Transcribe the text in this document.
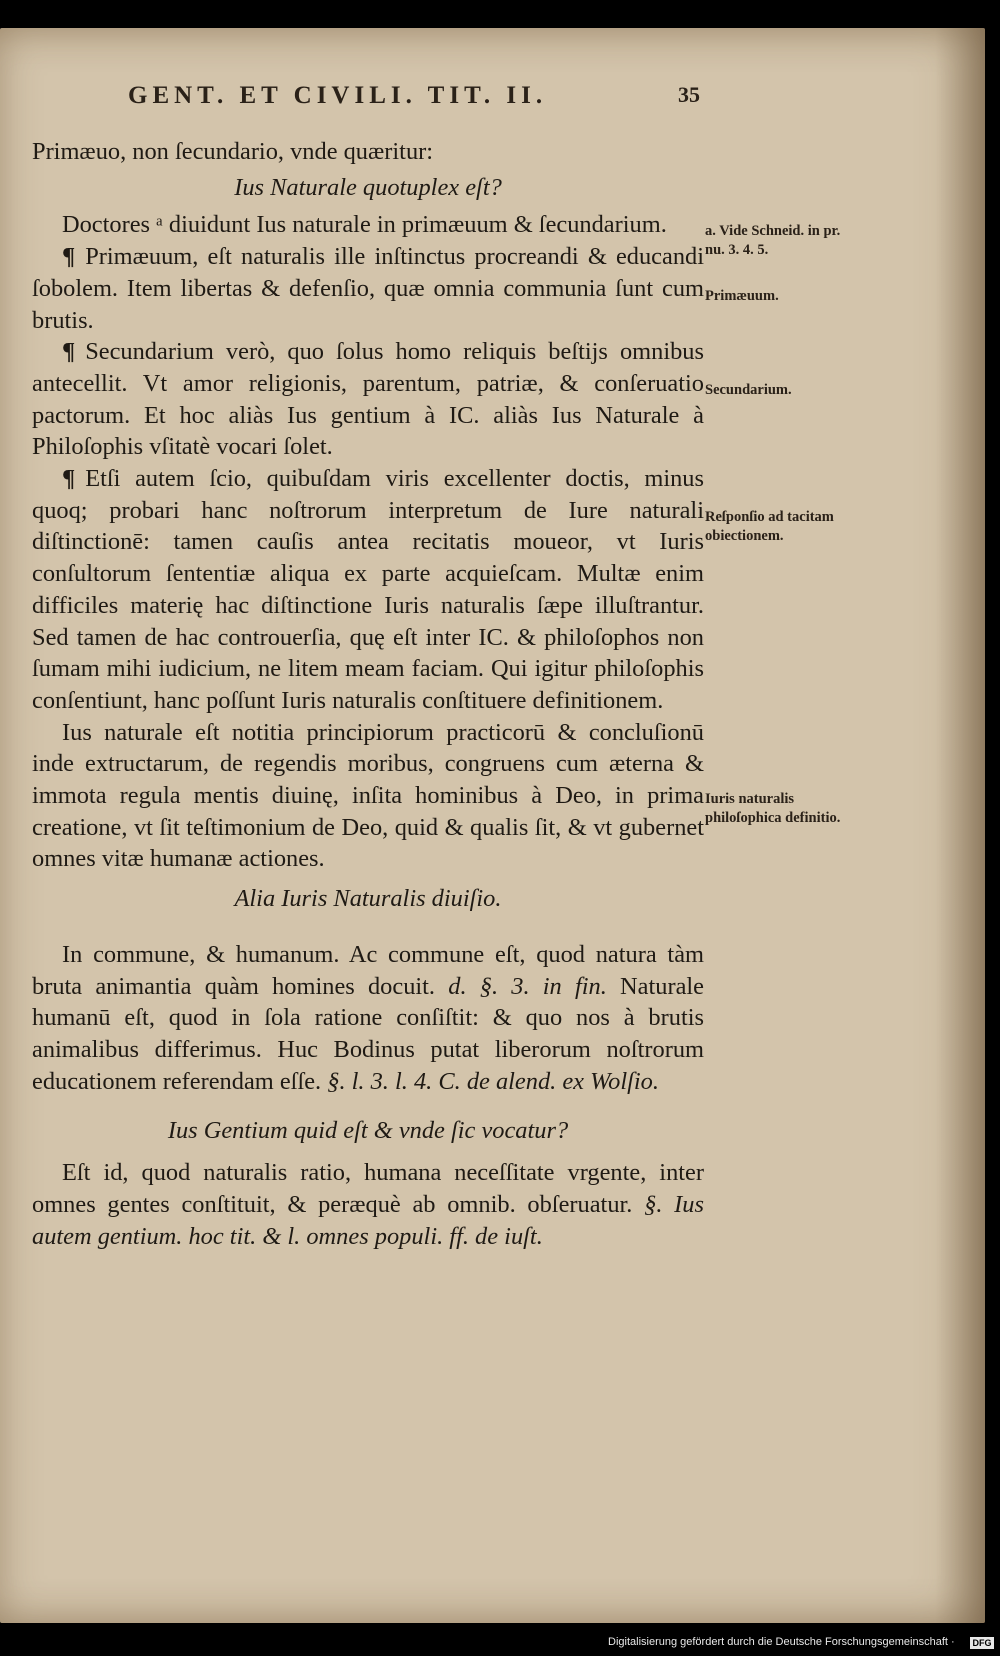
GENT. ET CIVILI. TIT. II.	35

Primæuo, non ſecundario, vnde quæritur:

Ius Naturale quotuplex eſt?

Doctores ᵃ diuidunt Ius naturale in primæuum & ſecundarium.

¶ Primæuum, eſt naturalis ille inſtinctus procreandi & educandi ſobolem. Item libertas & defenſio, quæ omnia communia ſunt cum brutis.

¶ Secundarium verò, quo ſolus homo reliquis beſtijs omnibus antecellit. Vt amor religionis, parentum, patriæ, & conſeruatio pactorum. Et hoc aliàs Ius gentium à IC. aliàs Ius Naturale à Philoſophis vſitatè vocari ſolet.

¶ Etſi autem ſcio, quibuſdam viris excellenter doctis, minus quoq; probari hanc noſtrorum interpretum de Iure naturali diſtinctionē: tamen cauſis antea recitatis moueor, vt Iuris conſultorum ſententiæ aliqua ex parte acquieſcam. Multæ enim difficiles materię hac diſtinctione Iuris naturalis ſæpe illuſtrantur. Sed tamen de hac controuerſia, quę eſt inter IC. & philoſophos non ſumam mihi iudicium, ne litem meam faciam. Qui igitur philoſophis conſentiunt, hanc poſſunt Iuris naturalis conſtituere definitionem.

Ius naturale eſt notitia principiorum practicorū & concluſionū inde extructarum, de regendis moribus, congruens cum æterna & immota regula mentis diuinę, inſita hominibus à Deo, in prima creatione, vt ſit teſtimonium de Deo, quid & qualis ſit, & vt gubernet omnes vitæ humanæ actiones.

Alia Iuris Naturalis diuiſio.

In commune, & humanum. Ac commune eſt, quod natura tàm bruta animantia quàm homines docuit. d. §. 3. in fin. Naturale humanū eſt, quod in ſola ratione conſiſtit: & quo nos à brutis animalibus differimus. Huc Bodinus putat liberorum noſtrorum educationem referendam eſſe. §. l. 3. l. 4. C. de alend. ex Wolſio.

Ius Gentium quid eſt & vnde ſic vocatur?

Eſt id, quod naturalis ratio, humana neceſſitate vrgente, inter omnes gentes conſtituit, & peræquè ab omnib. obſeruatur. §. Ius autem gentium. hoc tit. & l. omnes populi. ff. de iuſt.

a. Vide Schneid. in pr. nu. 3. 4. 5.
Primæuum.
Secundarium.
Reſponſio ad tacitam obiectionem.
Iuris naturalis philoſophica definitio.
Digitalisierung gefördert durch die Deutsche Forschungsgemeinschaft · DFG
